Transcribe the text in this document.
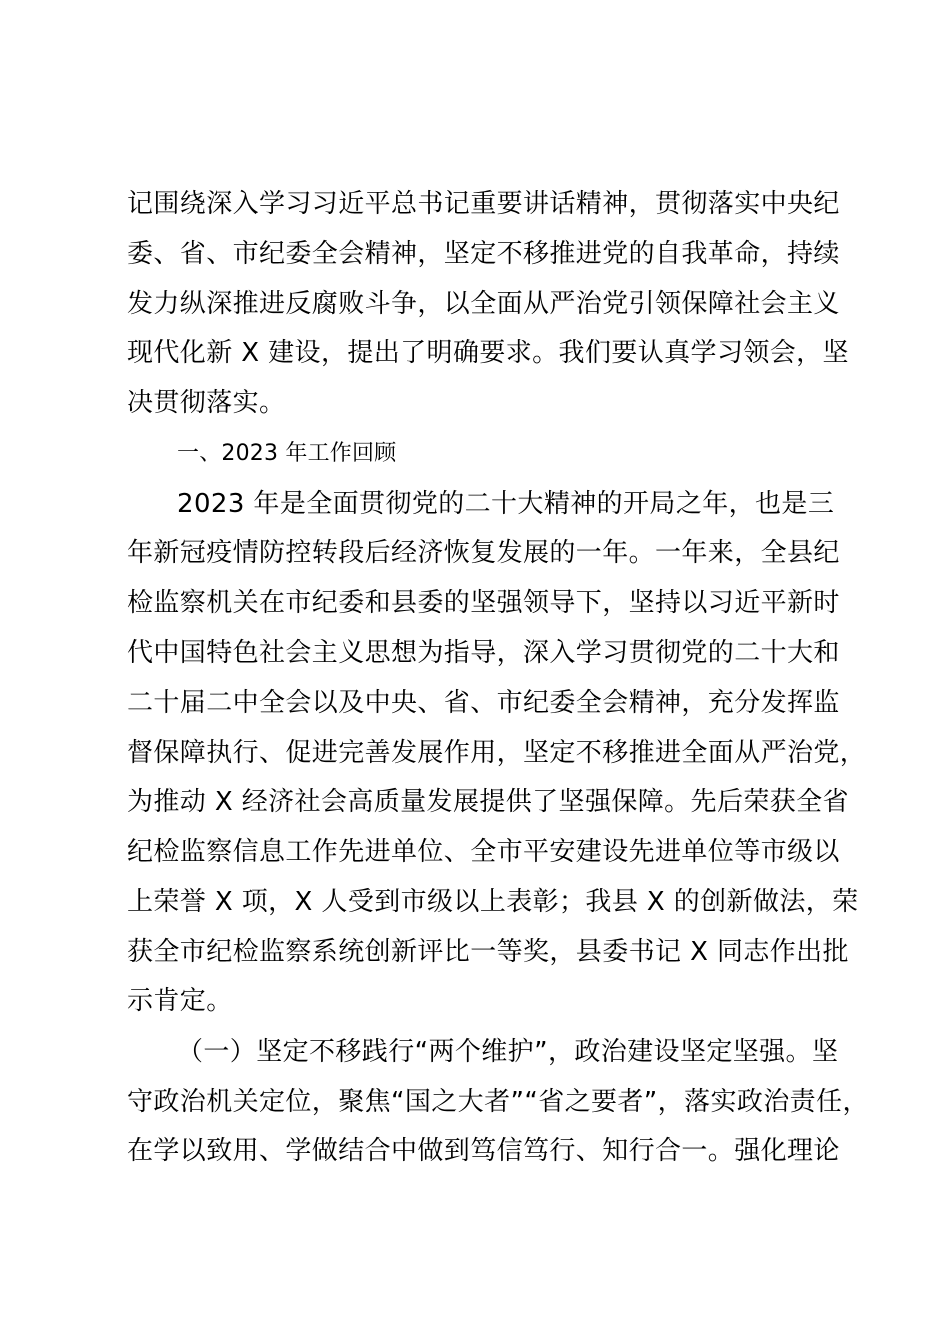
记围绕深入学习习近平总书记重要讲话精神，贯彻落实中央纪
委、省、市纪委全会精神，坚定不移推进党的自我革命，持续
发力纵深推进反腐败斗争，以全面从严治党引领保障社会主义
现代化新 X 建设，提出了明确要求。我们要认真学习领会，坚
决贯彻落实。
一、2023 年工作回顾
2023 年是全面贯彻党的二十大精神的开局之年，也是三
年新冠疫情防控转段后经济恢复发展的一年。一年来，全县纪
检监察机关在市纪委和县委的坚强领导下，坚持以习近平新时
代中国特色社会主义思想为指导，深入学习贯彻党的二十大和
二十届二中全会以及中央、省、市纪委全会精神，充分发挥监
督保障执行、促进完善发展作用，坚定不移推进全面从严治党，
为推动 X 经济社会高质量发展提供了坚强保障。先后荣获全省
纪检监察信息工作先进单位、全市平安建设先进单位等市级以
上荣誉 X 项，X 人受到市级以上表彰；我县 X 的创新做法，荣
获全市纪检监察系统创新评比一等奖，县委书记 X 同志作出批
示肯定。
（一）坚定不移践行“两个维护”，政治建设坚定坚强。坚
守政治机关定位，聚焦“国之大者”“省之要者”，落实政治责任，
在学以致用、学做结合中做到笃信笃行、知行合一。强化理论
